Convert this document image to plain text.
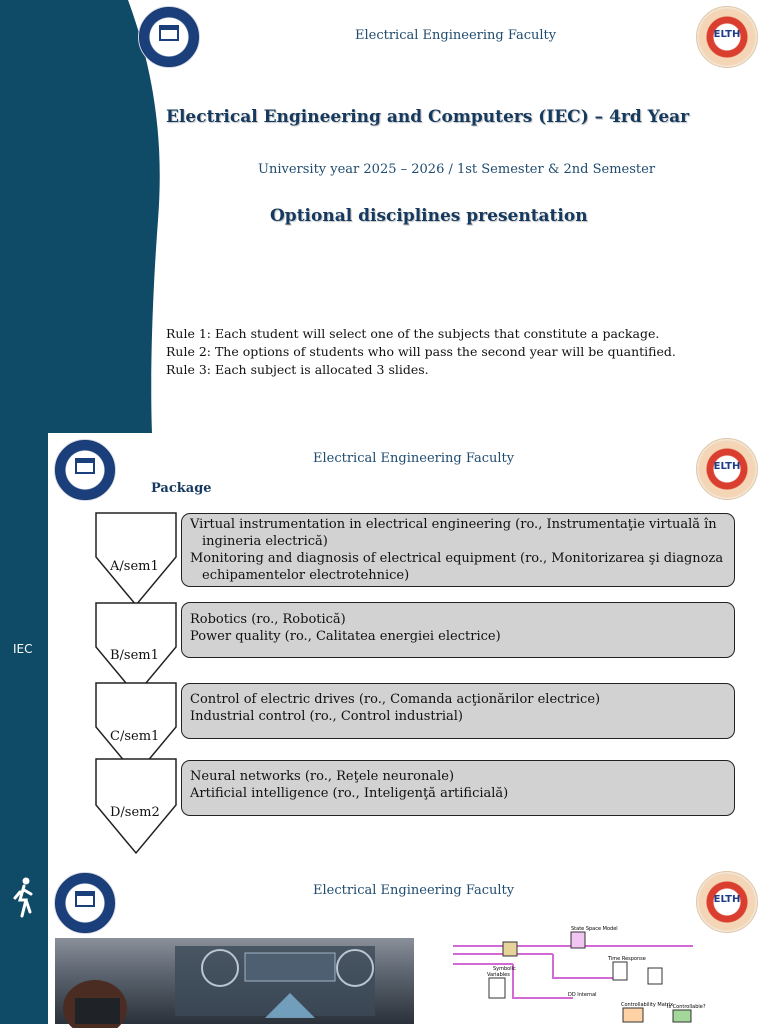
Electrical Engineering Faculty	ELTH
Electrical Engineering and Computers (IEC) – 4rd Year
University year 2025 – 2026 / 1st Semester & 2nd Semester
Optional disciplines presentation
Rule 1: Each student will select one of the subjects that constitute a package.
Rule 2: The options of students who will pass the second year will be quantified.
Rule 3: Each subject is allocated 3 slides.
IEC
Electrical Engineering Faculty
ELTH
Package
A/sem1
B/sem1
C/sem1
D/sem2
Virtual instrumentation in electrical engineering (ro., Instrumentaţie virtuală în
ingineria electrică)
Monitoring and diagnosis of electrical equipment (ro., Monitorizarea şi diagnoza
echipamentelor electrotehnice)
Robotics (ro., Robotică)
Power quality (ro., Calitatea energiei electrice)
Control of electric drives (ro., Comanda acţionărilor electrice)
Industrial control (ro., Control industrial)
Neural networks (ro., Reţele neuronale)
Artificial intelligence (ro., Inteligenţă artificială)
Electrical Engineering Faculty
ELTH
State Space Model
Time Response
Symbolic
Variables
DD Internal
Controllability Matrix
Is Controllable?
